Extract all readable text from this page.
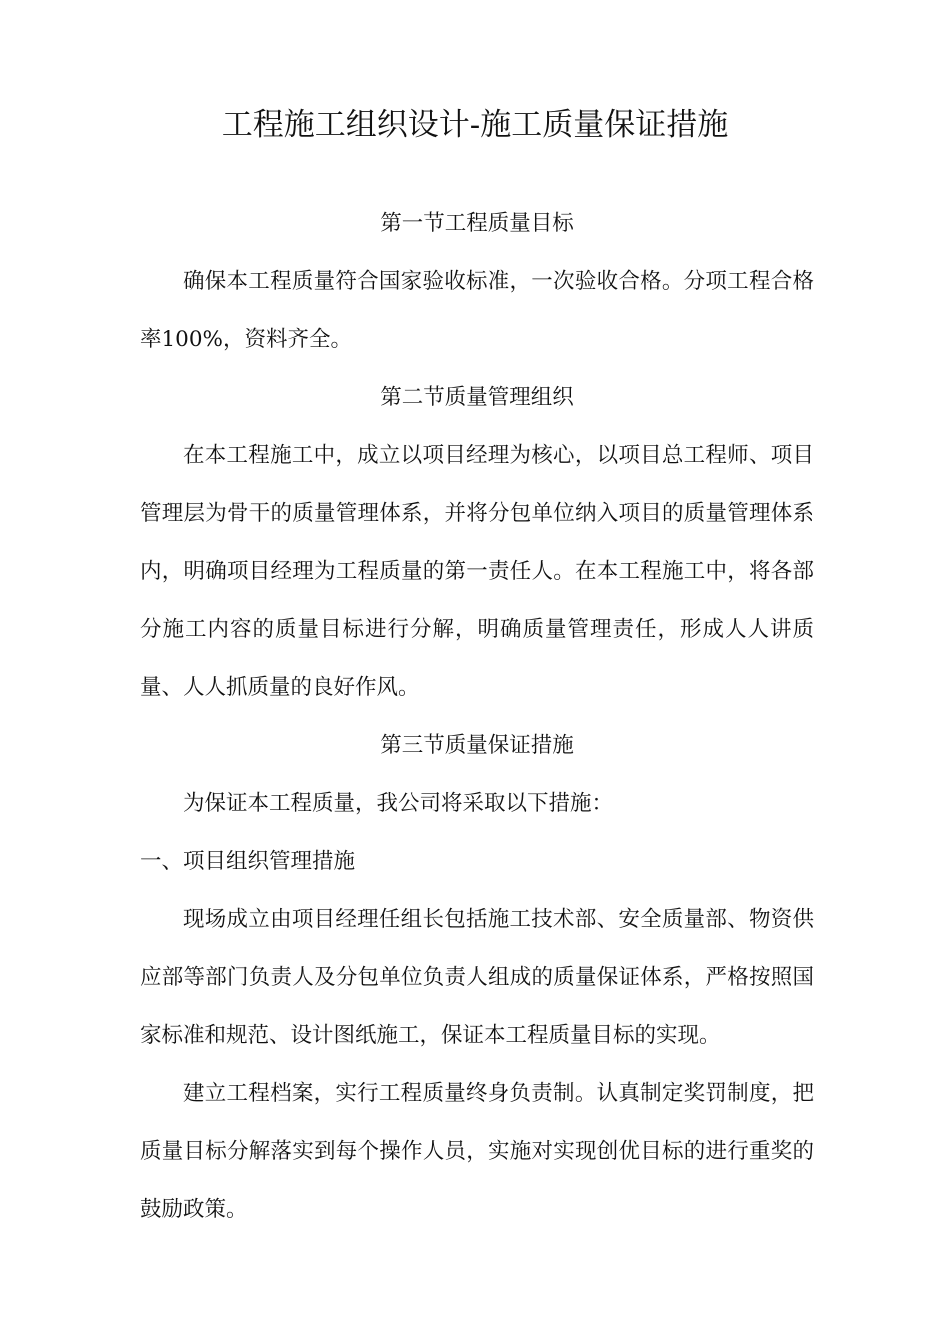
工程施工组织设计-施工质量保证措施

第一节工程质量目标

确保本工程质量符合国家验收标准，一次验收合格。分项工程合格率100%，资料齐全。

第二节质量管理组织

在本工程施工中，成立以项目经理为核心，以项目总工程师、项目管理层为骨干的质量管理体系，并将分包单位纳入项目的质量管理体系内，明确项目经理为工程质量的第一责任人。在本工程施工中，将各部分施工内容的质量目标进行分解，明确质量管理责任，形成人人讲质量、人人抓质量的良好作风。

第三节质量保证措施

为保证本工程质量，我公司将采取以下措施：

一、项目组织管理措施

现场成立由项目经理任组长包括施工技术部、安全质量部、物资供应部等部门负责人及分包单位负责人组成的质量保证体系，严格按照国家标准和规范、设计图纸施工，保证本工程质量目标的实现。

建立工程档案，实行工程质量终身负责制。认真制定奖罚制度，把质量目标分解落实到每个操作人员，实施对实现创优目标的进行重奖的鼓励政策。
